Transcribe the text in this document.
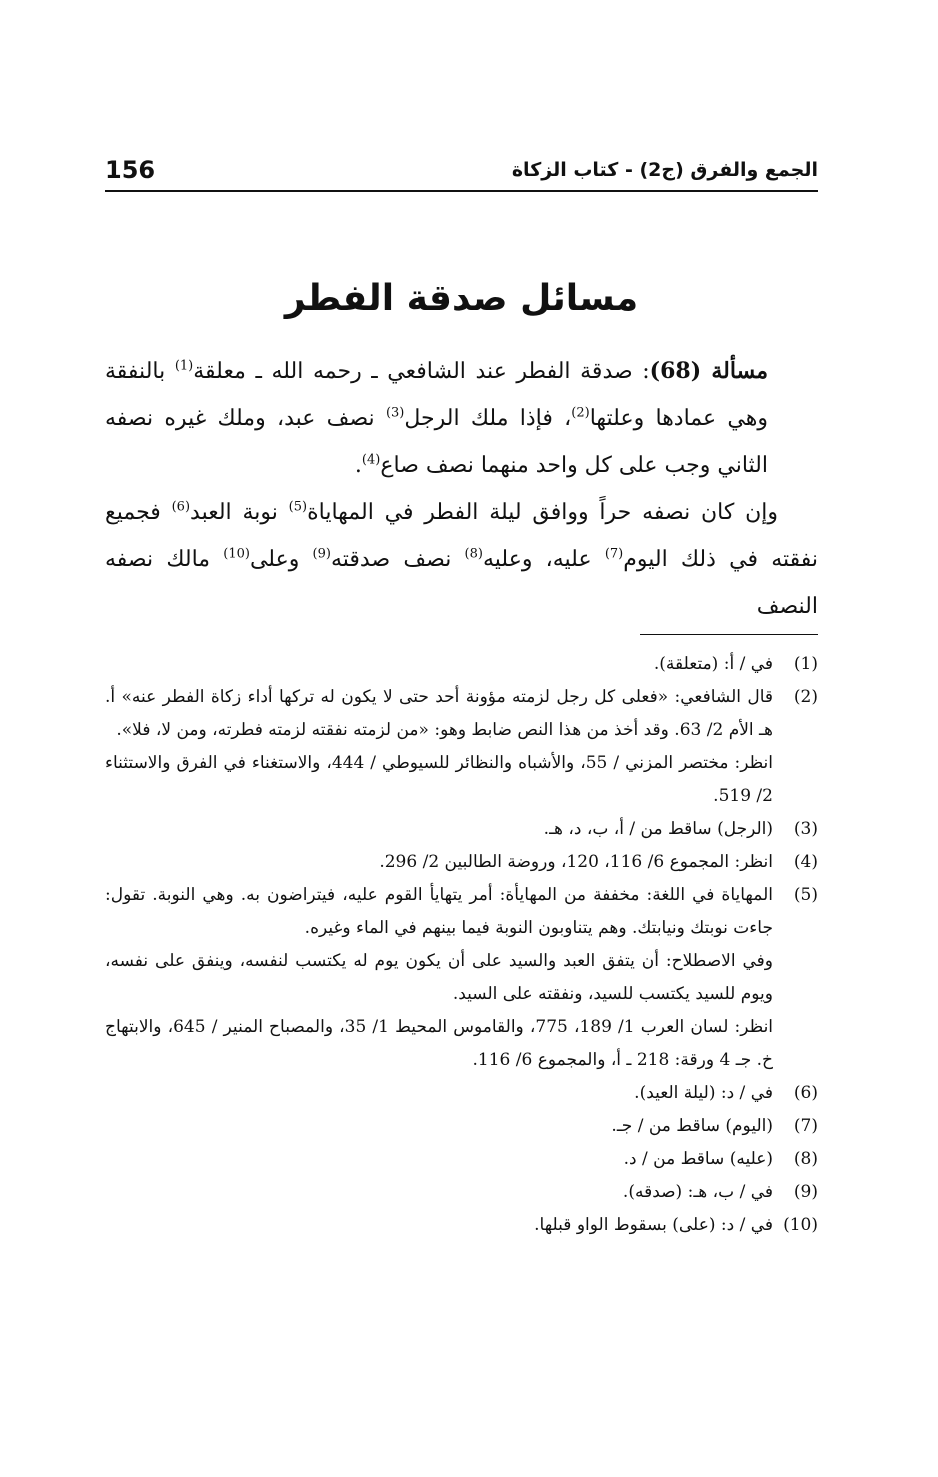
156	الجمع والفرق (ج2) - كتاب الزكاة
مسائل صدقة الفطر

مسألة (68): صدقة الفطر عند الشافعي ـ رحمه الله ـ معلقة$^{(1)}$ بالنفقة وهي عمادها وعلتها$^{(2)}$، فإذا ملك الرجل$^{(3)}$ نصف عبد، وملك غيره نصفه الثاني وجب على كل واحد منهما نصف صاع$^{(4)}$.

وإن كان نصفه حراً ووافق ليلة الفطر في المهاياة$^{(5)}$ نوبة العبد$^{(6)}$ فجميع نفقته في ذلك اليوم$^{(7)}$ عليه، وعليه$^{(8)}$ نصف صدقته$^{(9)}$ وعلى$^{(10)}$ مالك نصفه النصف

(1)
في / أ: (متعلقة).
(2)
قال الشافعي: «فعلى كل رجل لزمته مؤونة أحد حتى لا يكون له تركها أداء زكاة الفطر عنه» أ. هـ الأم 2/ 63. وقد أخذ من هذا النص ضابط وهو: «من لزمته نفقته لزمته فطرته، ومن لا، فلا».
انظر: مختصر المزني / 55، والأشباه والنظائر للسيوطي / 444، والاستغناء في الفرق والاستثناء 2/ 519.
(3)
(الرجل) ساقط من / أ، ب، د، هـ.
(4)
انظر: المجموع 6/ 116، 120، وروضة الطالبين 2/ 296.
(5)
المهاياة في اللغة: مخففة من المهايأة: أمر يتهايأ القوم عليه، فيتراضون به. وهي النوبة. تقول: جاءت نوبتك ونيابتك. وهم يتناوبون النوبة فيما بينهم في الماء وغيره.
وفي الاصطلاح: أن يتفق العبد والسيد على أن يكون يوم له يكتسب لنفسه، وينفق على نفسه، ويوم للسيد يكتسب للسيد، ونفقته على السيد.
انظر: لسان العرب 1/ 189، 775، والقاموس المحيط 1/ 35، والمصباح المنير / 645، والابتهاج خ. جـ 4 ورقة: 218 ـ أ، والمجموع 6/ 116.
(6)
في / د: (ليلة العيد).
(7)
(اليوم) ساقط من / جـ.
(8)
(عليه) ساقط من / د.
(9)
في / ب، هـ: (صدقه).
(10)
في / د: (على) بسقوط الواو قبلها.
